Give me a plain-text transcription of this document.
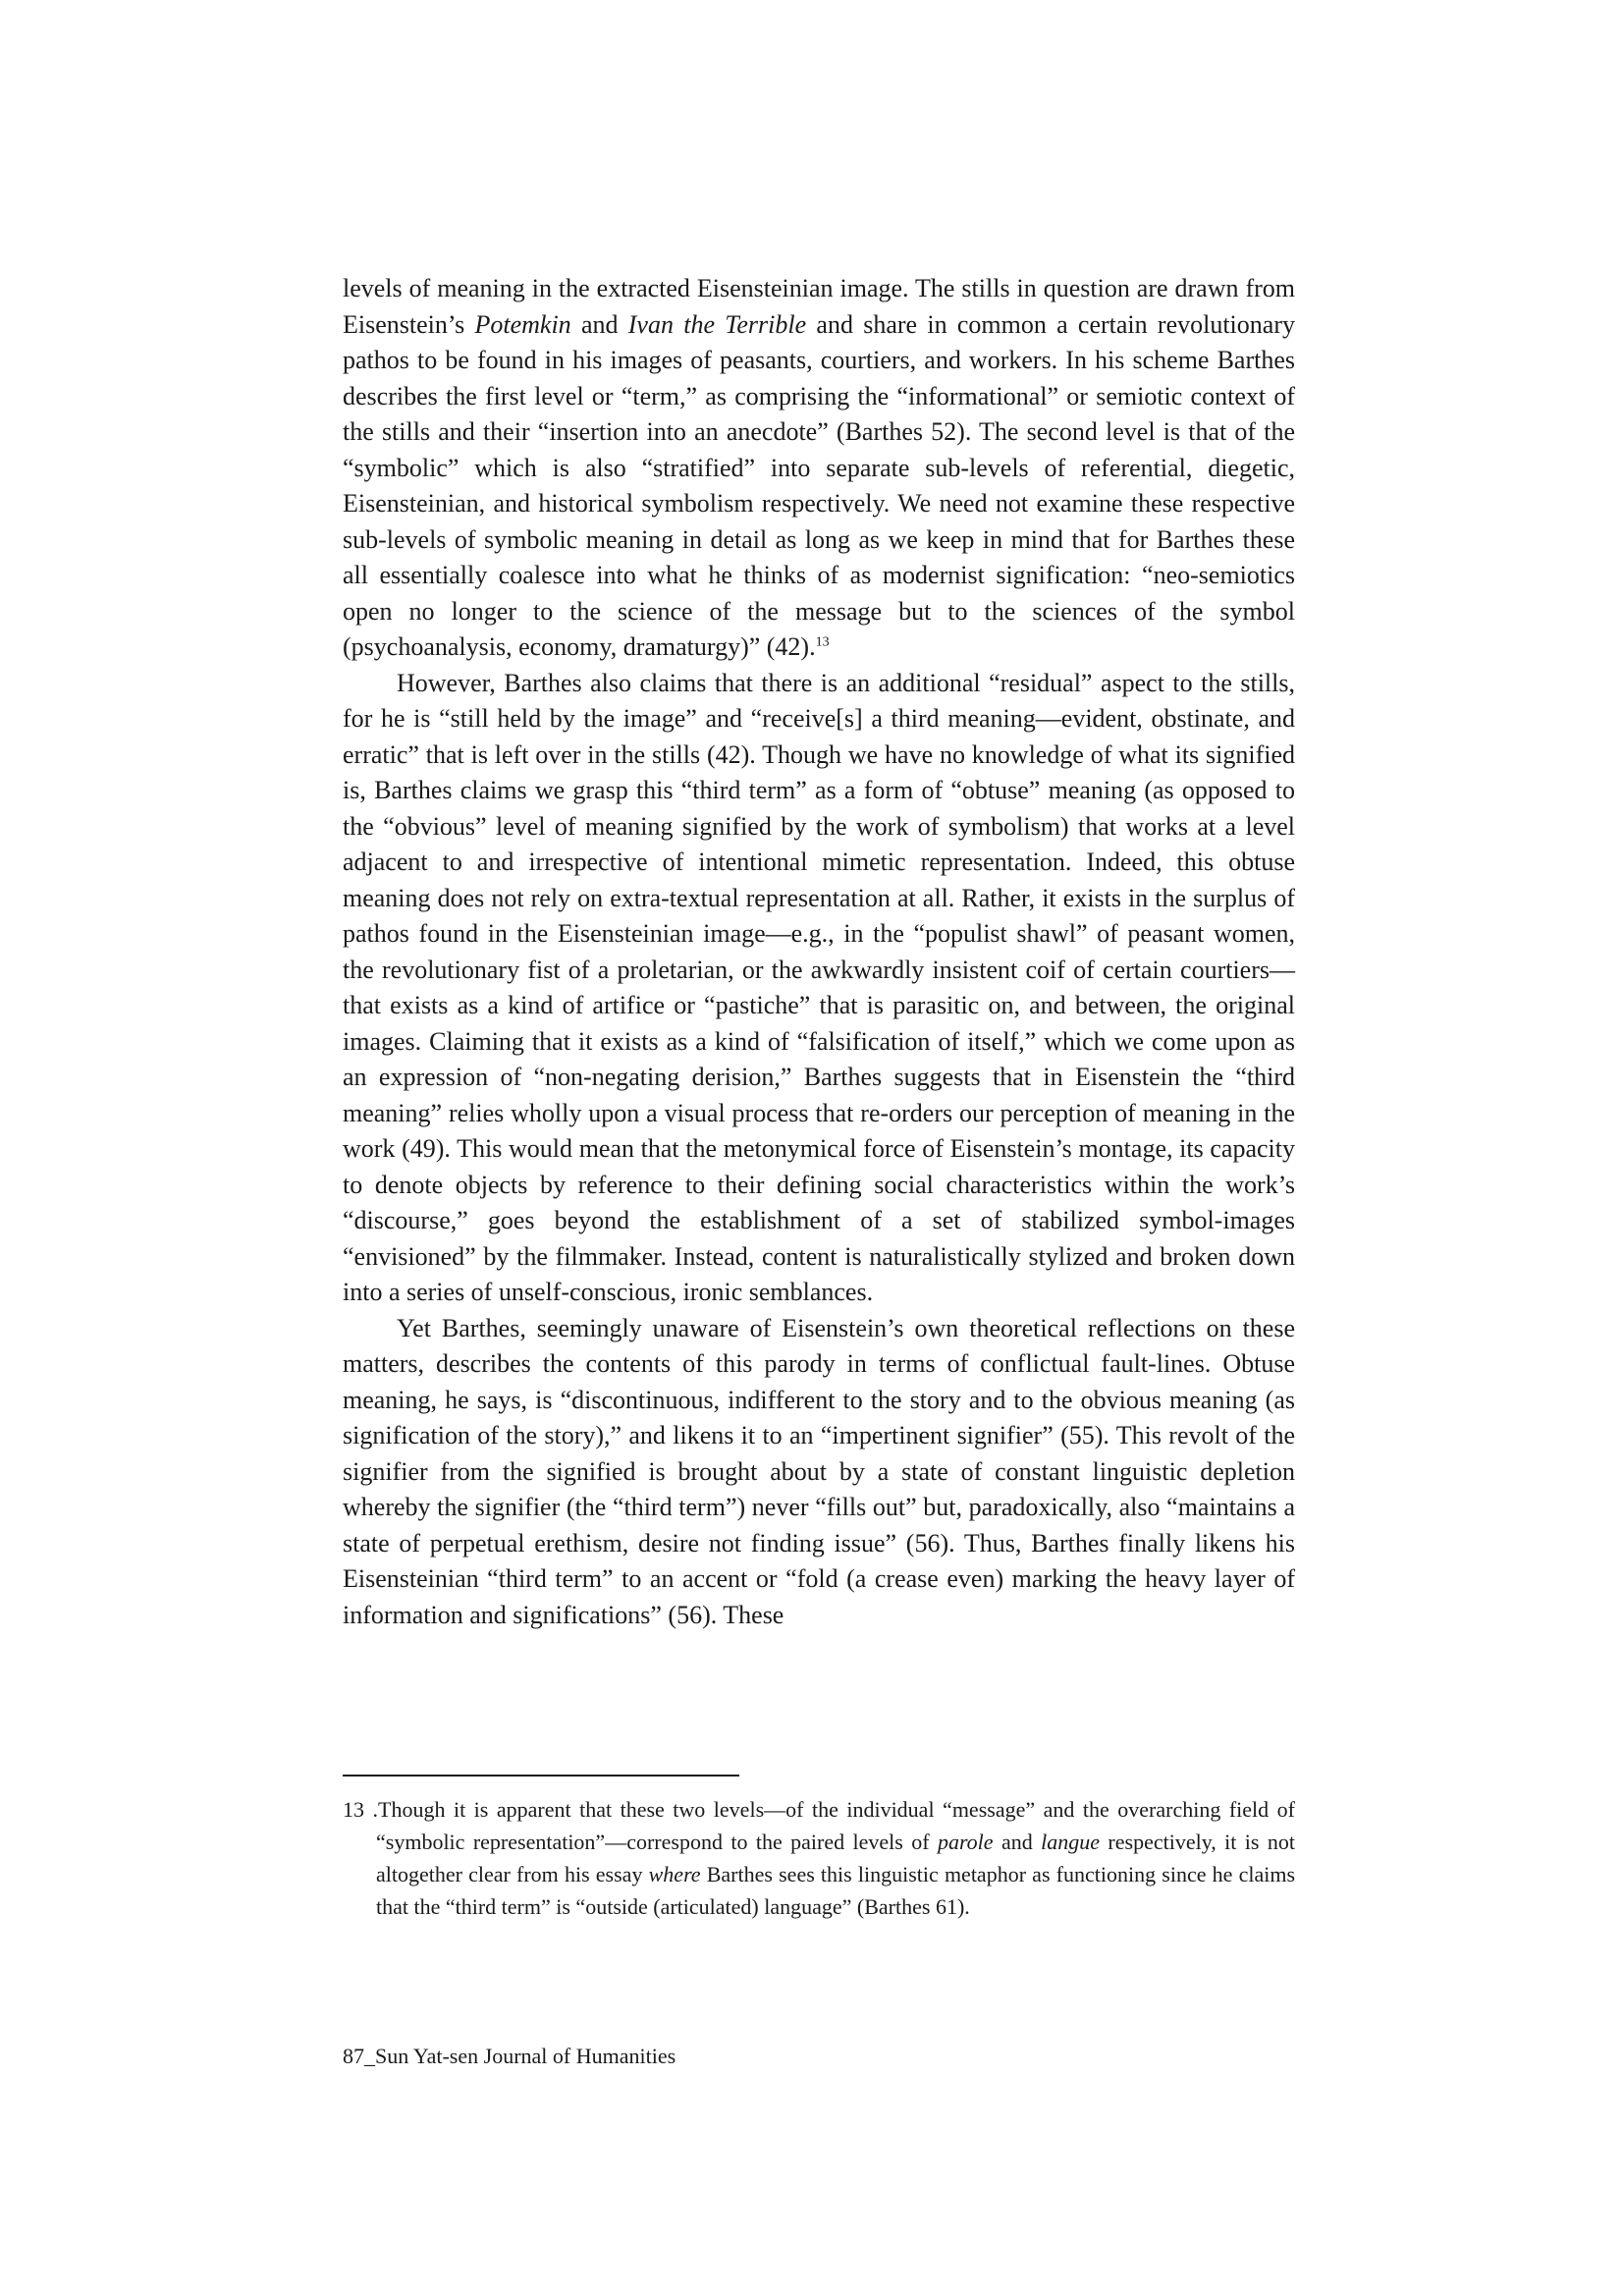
levels of meaning in the extracted Eisensteinian image. The stills in question are drawn from Eisenstein’s Potemkin and Ivan the Terrible and share in common a certain revolutionary pathos to be found in his images of peasants, courtiers, and workers. In his scheme Barthes describes the first level or “term,” as comprising the “informational” or semiotic context of the stills and their “insertion into an anecdote” (Barthes 52). The second level is that of the “symbolic” which is also “stratified” into separate sub-levels of referential, diegetic, Eisensteinian, and historical symbolism respectively. We need not examine these respective sub-levels of symbolic meaning in detail as long as we keep in mind that for Barthes these all essentially coalesce into what he thinks of as modernist signification: “neo-semiotics open no longer to the science of the message but to the sciences of the symbol (psychoanalysis, economy, dramaturgy)” (42).$^{13}$

However, Barthes also claims that there is an additional “residual” aspect to the stills, for he is “still held by the image” and “receive[s] a third meaning—evident, obstinate, and erratic” that is left over in the stills (42). Though we have no knowledge of what its signified is, Barthes claims we grasp this “third term” as a form of “obtuse” meaning (as opposed to the “obvious” level of meaning signified by the work of symbolism) that works at a level adjacent to and irrespective of intentional mimetic representation. Indeed, this obtuse meaning does not rely on extra-textual representation at all. Rather, it exists in the surplus of pathos found in the Eisensteinian image—e.g., in the “populist shawl” of peasant women, the revolutionary fist of a proletarian, or the awkwardly insistent coif of certain courtiers—that exists as a kind of artifice or “pastiche” that is parasitic on, and between, the original images. Claiming that it exists as a kind of “falsification of itself,” which we come upon as an expression of “non-negating derision,” Barthes suggests that in Eisenstein the “third meaning” relies wholly upon a visual process that re-orders our perception of meaning in the work (49). This would mean that the metonymical force of Eisenstein’s montage, its capacity to denote objects by reference to their defining social characteristics within the work’s “discourse,” goes beyond the establishment of a set of stabilized symbol-images “envisioned” by the filmmaker. Instead, content is naturalistically stylized and broken down into a series of unself-conscious, ironic semblances.

Yet Barthes, seemingly unaware of Eisenstein’s own theoretical reflections on these matters, describes the contents of this parody in terms of conflictual fault-lines. Obtuse meaning, he says, is “discontinuous, indifferent to the story and to the obvious meaning (as signification of the story),” and likens it to an “impertinent signifier” (55). This revolt of the signifier from the signified is brought about by a state of constant linguistic depletion whereby the signifier (the “third term”) never “fills out” but, paradoxically, also “maintains a state of perpetual erethism, desire not finding issue” (56). Thus, Barthes finally likens his Eisensteinian “third term” to an accent or “fold (a crease even) marking the heavy layer of information and significations” (56). These

13 .Though it is apparent that these two levels—of the individual “message” and the overarching field of “symbolic representation”—correspond to the paired levels of parole and langue respectively, it is not altogether clear from his essay where Barthes sees this linguistic metaphor as functioning since he claims that the “third term” is “outside (articulated) language” (Barthes 61).

87_Sun Yat-sen Journal of Humanities
